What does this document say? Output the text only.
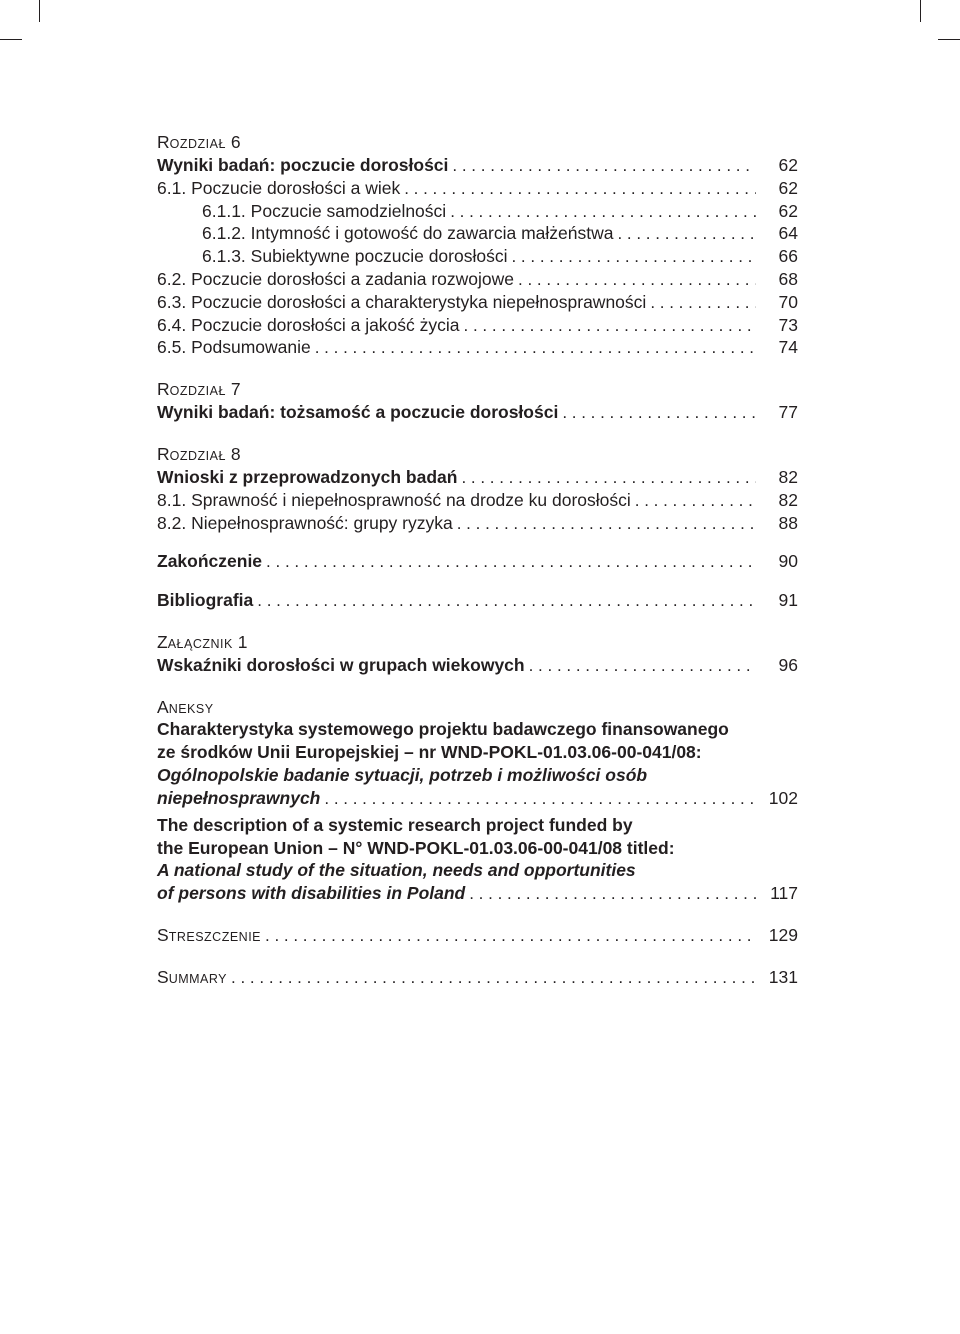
ROZDZIAŁ 6
Wyniki badań: poczucie dorosłości . . .	62
6.1. Poczucie dorosłości a wiek . . .	62
6.1.1. Poczucie samodzielności . . .	62
6.1.2. Intymność i gotowość do zawarcia małżeństwa . . .	64
6.1.3. Subiektywne poczucie dorosłości . . .	66
6.2. Poczucie dorosłości a zadania rozwojowe . . .	68
6.3. Poczucie dorosłości a charakterystyka niepełnosprawności . . .	70
6.4. Poczucie dorosłości a jakość życia . . .	73
6.5. Podsumowanie . . .	74
ROZDZIAŁ 7
Wyniki badań: tożsamość a poczucie dorosłości . . .	77
ROZDZIAŁ 8
Wnioski z przeprowadzonych badań . . .	82
8.1. Sprawność i niepełnosprawność na drodze ku dorosłości . . .	82
8.2. Niepełnosprawność: grupy ryzyka . . .	88
Zakończenie . . .	90
Bibliografia . . .	91
ZAŁĄCZNIK 1
Wskaźniki dorosłości w grupach wiekowych . . .	96
ANEKSY
Charakterystyka systemowego projektu badawczego finansowanego
ze środków Unii Europejskiej – nr WND-POKL-01.03.06-00-041/08:
Ogólnopolskie badanie sytuacji, potrzeb i możliwości osób
niepełnosprawnych . . .	102
The description of a systemic research project funded by
the European Union – N° WND-POKL-01.03.06-00-041/08 titled:
A national study of the situation, needs and opportunities
of persons with disabilities in Poland . . .	117
STRESZCZENIE . . .	129
SUMMARY . . .	131
